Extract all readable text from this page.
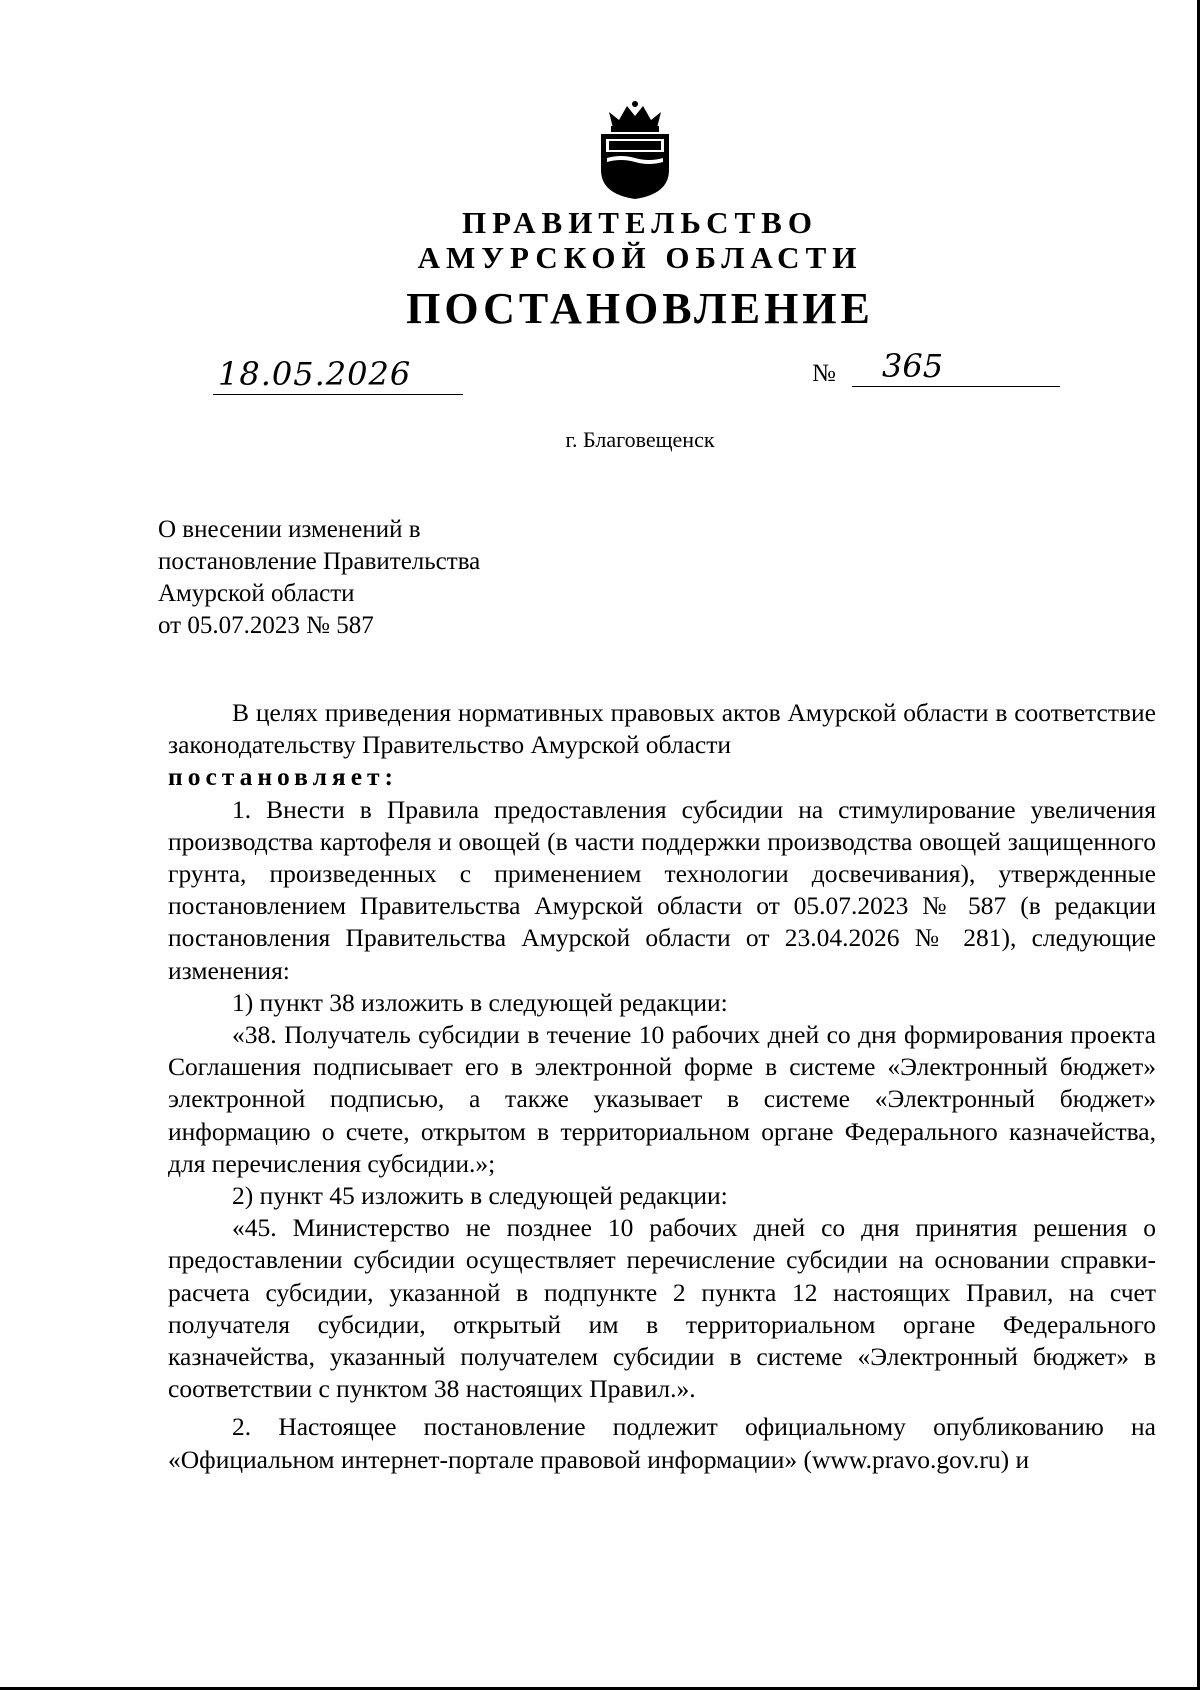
ПРАВИТЕЛЬСТВО
АМУРСКОЙ ОБЛАСТИ
ПОСТАНОВЛЕНИЕ
18.05.2026	№ 365
г. Благовещенск
О внесении изменений в
постановление Правительства
Амурской области
от 05.07.2023 № 587

В целях приведения нормативных правовых актов Амурской области в соответствие законодательству Правительство Амурской области

постановляет:

1. Внести в Правила предоставления субсидии на стимулирование увеличения производства картофеля и овощей (в части поддержки производства овощей защищенного грунта, произведенных с применением технологии досвечивания), утвержденные постановлением Правительства Амурской области от 05.07.2023 № 587 (в редакции постановления Правительства Амурской области от 23.04.2026 № 281), следующие изменения:

1) пункт 38 изложить в следующей редакции:

«38. Получатель субсидии в течение 10 рабочих дней со дня формирования проекта Соглашения подписывает его в электронной форме в системе «Электронный бюджет» электронной подписью, а также указывает в системе «Электронный бюджет» информацию о счете, открытом в территориальном органе Федерального казначейства, для перечисления субсидии.»;

2) пункт 45 изложить в следующей редакции:

«45. Министерство не позднее 10 рабочих дней со дня принятия решения о предоставлении субсидии осуществляет перечисление субсидии на основании справки-расчета субсидии, указанной в подпункте 2 пункта 12 настоящих Правил, на счет получателя субсидии, открытый им в территориальном органе Федерального казначейства, указанный получателем субсидии в системе «Электронный бюджет» в соответствии с пунктом 38 настоящих Правил.».

2. Настоящее постановление подлежит официальному опубликованию на «Официальном интернет-портале правовой информации» (www.pravo.gov.ru) и
